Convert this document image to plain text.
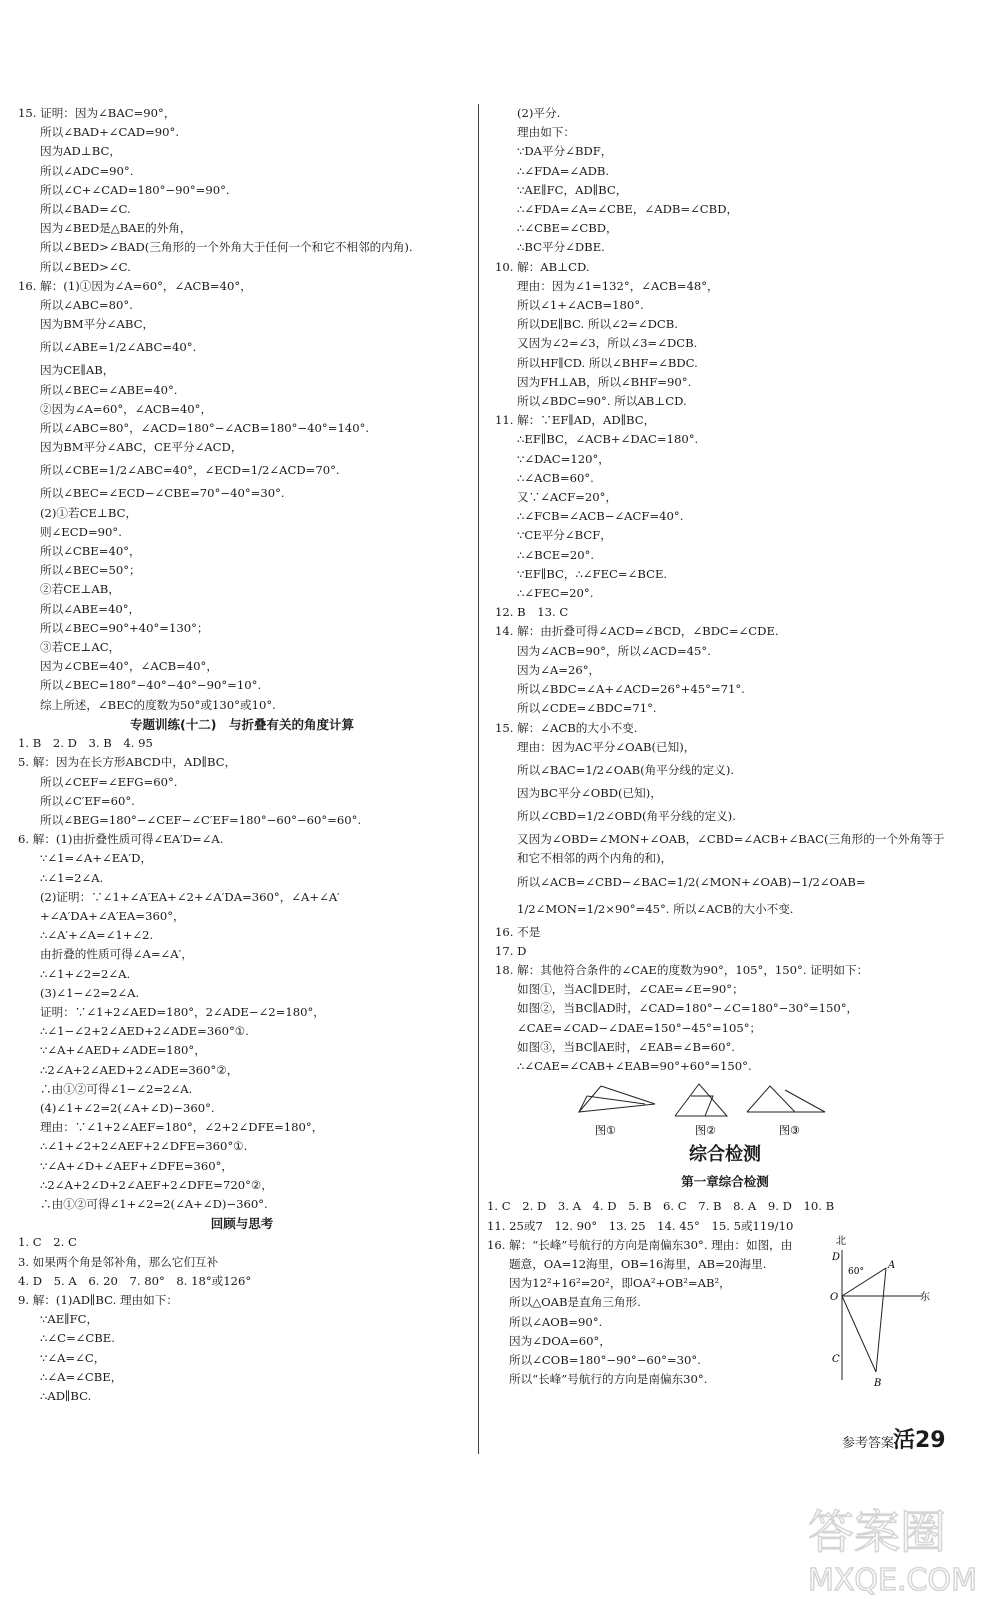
15. 证明：因为∠BAC=90°，
所以∠BAD+∠CAD=90°.
因为AD⊥BC，
所以∠ADC=90°.
所以∠C+∠CAD=180°−90°=90°.
所以∠BAD=∠C.
因为∠BED是△BAE的外角，
所以∠BED>∠BAD(三角形的一个外角大于任何一个和它不相邻的内角).
所以∠BED>∠C.
16. 解：(1)①因为∠A=60°，∠ACB=40°，
所以∠ABC=80°.
因为BM平分∠ABC，
所以∠ABE=1/2∠ABC=40°.
因为CE∥AB，
所以∠BEC=∠ABE=40°.
②因为∠A=60°，∠ACB=40°，
所以∠ABC=80°，∠ACD=180°−∠ACB=180°−40°=140°.
因为BM平分∠ABC，CE平分∠ACD，
所以∠CBE=1/2∠ABC=40°，∠ECD=1/2∠ACD=70°.
所以∠BEC=∠ECD−∠CBE=70°−40°=30°.
(2)①若CE⊥BC，
则∠ECD=90°.
所以∠CBE=40°，
所以∠BEC=50°；
②若CE⊥AB，
所以∠ABE=40°，
所以∠BEC=90°+40°=130°；
③若CE⊥AC，
因为∠CBE=40°，∠ACB=40°，
所以∠BEC=180°−40°−40°−90°=10°.
综上所述，∠BEC的度数为50°或130°或10°.
专题训练(十二)　与折叠有关的角度计算
1. B　2. D　3. B　4. 95
5. 解：因为在长方形ABCD中，AD∥BC，
所以∠CEF=∠EFG=60°.
所以∠C′EF=60°.
所以∠BEG=180°−∠CEF−∠C′EF=180°−60°−60°=60°.
6. 解：(1)由折叠性质可得∠EA′D=∠A.
∵∠1=∠A+∠EA′D，
∴∠1=2∠A.
(2)证明：∵∠1+∠A′EA+∠2+∠A′DA=360°，∠A+∠A′+∠A′DA+∠A′EA=360°，
∴∠A′+∠A=∠1+∠2.
由折叠的性质可得∠A=∠A′，
∴∠1+∠2=2∠A.
(3)∠1−∠2=2∠A.
证明：∵∠1+2∠AED=180°，2∠ADE−∠2=180°，
∴∠1−∠2+2∠AED+2∠ADE=360°①.
∵∠A+∠AED+∠ADE=180°，
∴2∠A+2∠AED+2∠ADE=360°②，
∴由①②可得∠1−∠2=2∠A.
(4)∠1+∠2=2(∠A+∠D)−360°.
理由：∵∠1+2∠AEF=180°，∠2+2∠DFE=180°，
∴∠1+∠2+2∠AEF+2∠DFE=360°①.
∵∠A+∠D+∠AEF+∠DFE=360°，
∴2∠A+2∠D+2∠AEF+2∠DFE=720°②，
∴由①②可得∠1+∠2=2(∠A+∠D)−360°.
回顾与思考
1. C　2. C
3. 如果两个角是邻补角，那么它们互补
4. D　5. A　6. 20　7. 80°　8. 18°或126°
9. 解：(1)AD∥BC. 理由如下：
∵AE∥FC，
∴∠C=∠CBE.
∵∠A=∠C，
∴∠A=∠CBE，
∴AD∥BC.
(2)平分.
理由如下：
∵DA平分∠BDF，
∴∠FDA=∠ADB.
∵AE∥FC，AD∥BC，
∴∠FDA=∠A=∠CBE，∠ADB=∠CBD，
∴∠CBE=∠CBD，
∴BC平分∠DBE.
10. 解：AB⊥CD.
理由：因为∠1=132°，∠ACB=48°，
所以∠1+∠ACB=180°.
所以DE∥BC. 所以∠2=∠DCB.
又因为∠2=∠3，所以∠3=∠DCB.
所以HF∥CD. 所以∠BHF=∠BDC.
因为FH⊥AB，所以∠BHF=90°.
所以∠BDC=90°. 所以AB⊥CD.
11. 解：∵EF∥AD，AD∥BC，
∴EF∥BC，∠ACB+∠DAC=180°.
∵∠DAC=120°，
∴∠ACB=60°.
又∵∠ACF=20°，
∴∠FCB=∠ACB−∠ACF=40°.
∵CE平分∠BCF，
∴∠BCE=20°.
∵EF∥BC，∴∠FEC=∠BCE.
∴∠FEC=20°.
12. B　13. C
14. 解：由折叠可得∠ACD=∠BCD，∠BDC=∠CDE.
因为∠ACB=90°，所以∠ACD=45°.
因为∠A=26°，
所以∠BDC=∠A+∠ACD=26°+45°=71°.
所以∠CDE=∠BDC=71°.
15. 解：∠ACB的大小不变.
理由：因为AC平分∠OAB(已知)，
所以∠BAC=1/2∠OAB(角平分线的定义).
因为BC平分∠OBD(已知)，
所以∠CBD=1/2∠OBD(角平分线的定义).
又因为∠OBD=∠MON+∠OAB，∠CBD=∠ACB+∠BAC(三角形的一个外角等于和它不相邻的两个内角的和)，
所以∠ACB=∠CBD−∠BAC=1/2(∠MON+∠OAB)−1/2∠OAB=
1/2∠MON=1/2×90°=45°. 所以∠ACB的大小不变.
16. 不是
17. D
18. 解：其他符合条件的∠CAE的度数为90°，105°，150°. 证明如下：
如图①，当AC∥DE时，∠CAE=∠E=90°；
如图②，当BC∥AD时，∠CAD=180°−∠C=180°−30°=150°，∠CAE=∠CAD−∠DAE=150°−45°=105°；
如图③，当BC∥AE时，∠EAB=∠B=60°.
∴∠CAE=∠CAB+∠EAB=90°+60°=150°.
图①	图②	图③
综合检测
第一章综合检测
1. C　2. D　3. A　4. D　5. B　6. C　7. B　8. A　9. D　10. B
11. 25或7　12. 90°　13. 25　14. 45°　15. 5或119/10
16. 解：“长峰”号航行的方向是南偏东30°. 理由：如图，由
题意，OA=12海里，OB=16海里，AB=20海里.
因为12²+16²=20²，即OA²+OB²=AB²，
所以△OAB是直角三角形.
所以∠AOB=90°.
因为∠DOA=60°，
所以∠COB=180°−90°−60°=30°.
所以“长峰”号航行的方向是南偏东30°.
北
东
60°
O
A
B
C
D
参考答案
活29
答案圈
MXQE.COM
